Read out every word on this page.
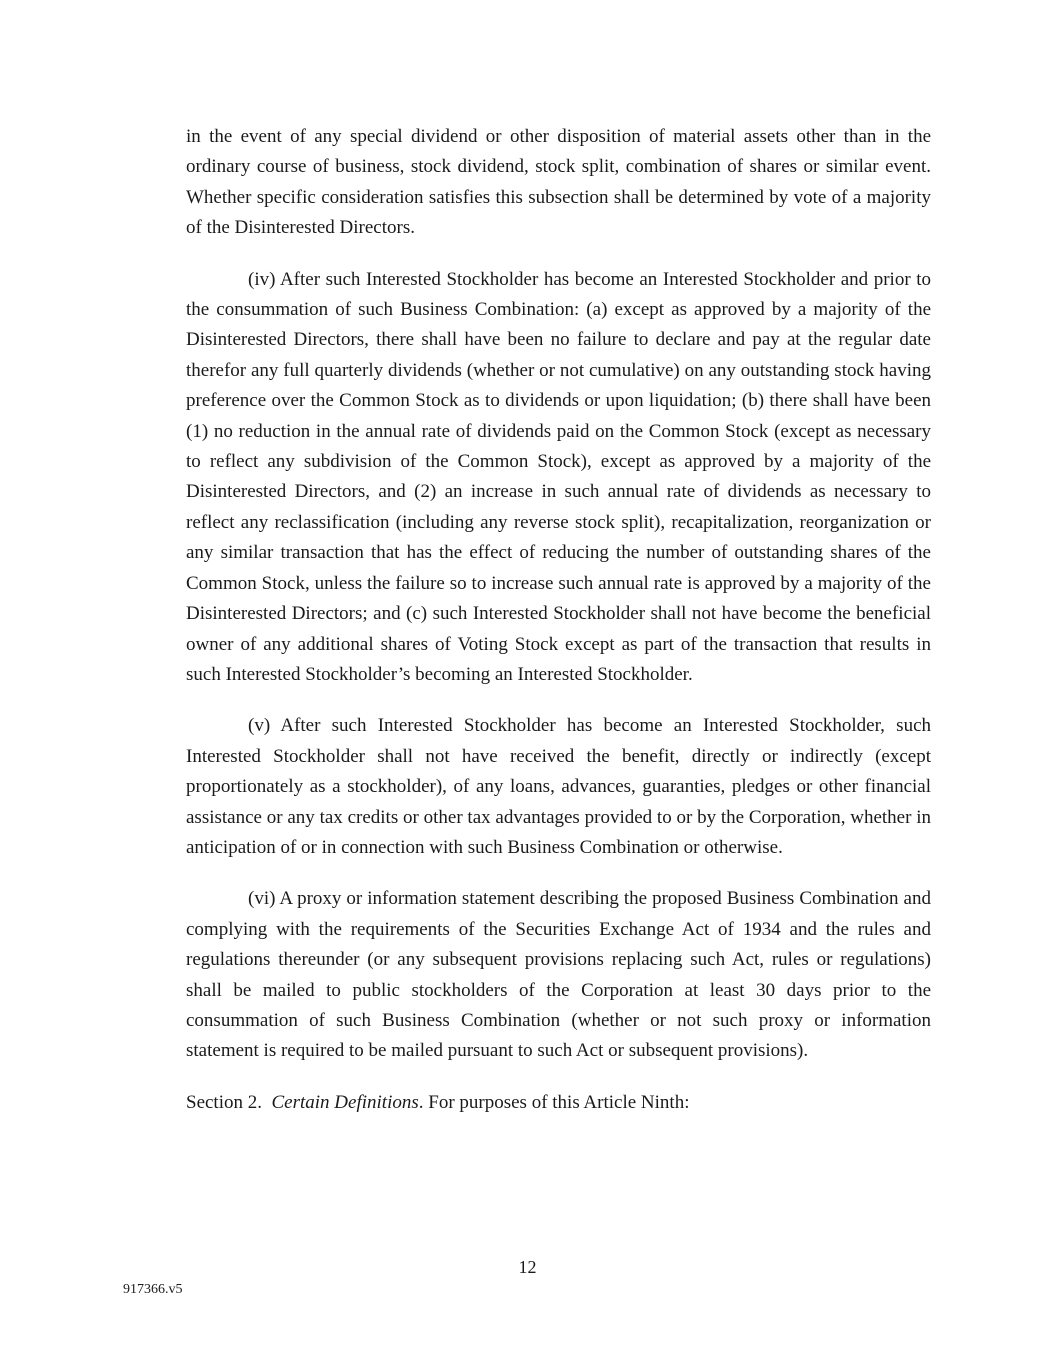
in the event of any special dividend or other disposition of material assets other than in the ordinary course of business, stock dividend, stock split, combination of shares or similar event. Whether specific consideration satisfies this subsection shall be determined by vote of a majority of the Disinterested Directors.

(iv) After such Interested Stockholder has become an Interested Stockholder and prior to the consummation of such Business Combination: (a) except as approved by a majority of the Disinterested Directors, there shall have been no failure to declare and pay at the regular date therefor any full quarterly dividends (whether or not cumulative) on any outstanding stock having preference over the Common Stock as to dividends or upon liquidation; (b) there shall have been (1) no reduction in the annual rate of dividends paid on the Common Stock (except as necessary to reflect any subdivision of the Common Stock), except as approved by a majority of the Disinterested Directors, and (2) an increase in such annual rate of dividends as necessary to reflect any reclassification (including any reverse stock split), recapitalization, reorganization or any similar transaction that has the effect of reducing the number of outstanding shares of the Common Stock, unless the failure so to increase such annual rate is approved by a majority of the Disinterested Directors; and (c) such Interested Stockholder shall not have become the beneficial owner of any additional shares of Voting Stock except as part of the transaction that results in such Interested Stockholder’s becoming an Interested Stockholder.

(v) After such Interested Stockholder has become an Interested Stockholder, such Interested Stockholder shall not have received the benefit, directly or indirectly (except proportionately as a stockholder), of any loans, advances, guaranties, pledges or other financial assistance or any tax credits or other tax advantages provided to or by the Corporation, whether in anticipation of or in connection with such Business Combination or otherwise.

(vi) A proxy or information statement describing the proposed Business Combination and complying with the requirements of the Securities Exchange Act of 1934 and the rules and regulations thereunder (or any subsequent provisions replacing such Act, rules or regulations) shall be mailed to public stockholders of the Corporation at least 30 days prior to the consummation of such Business Combination (whether or not such proxy or information statement is required to be mailed pursuant to such Act or subsequent provisions).

Section 2. Certain Definitions. For purposes of this Article Ninth:

12
917366.v5
